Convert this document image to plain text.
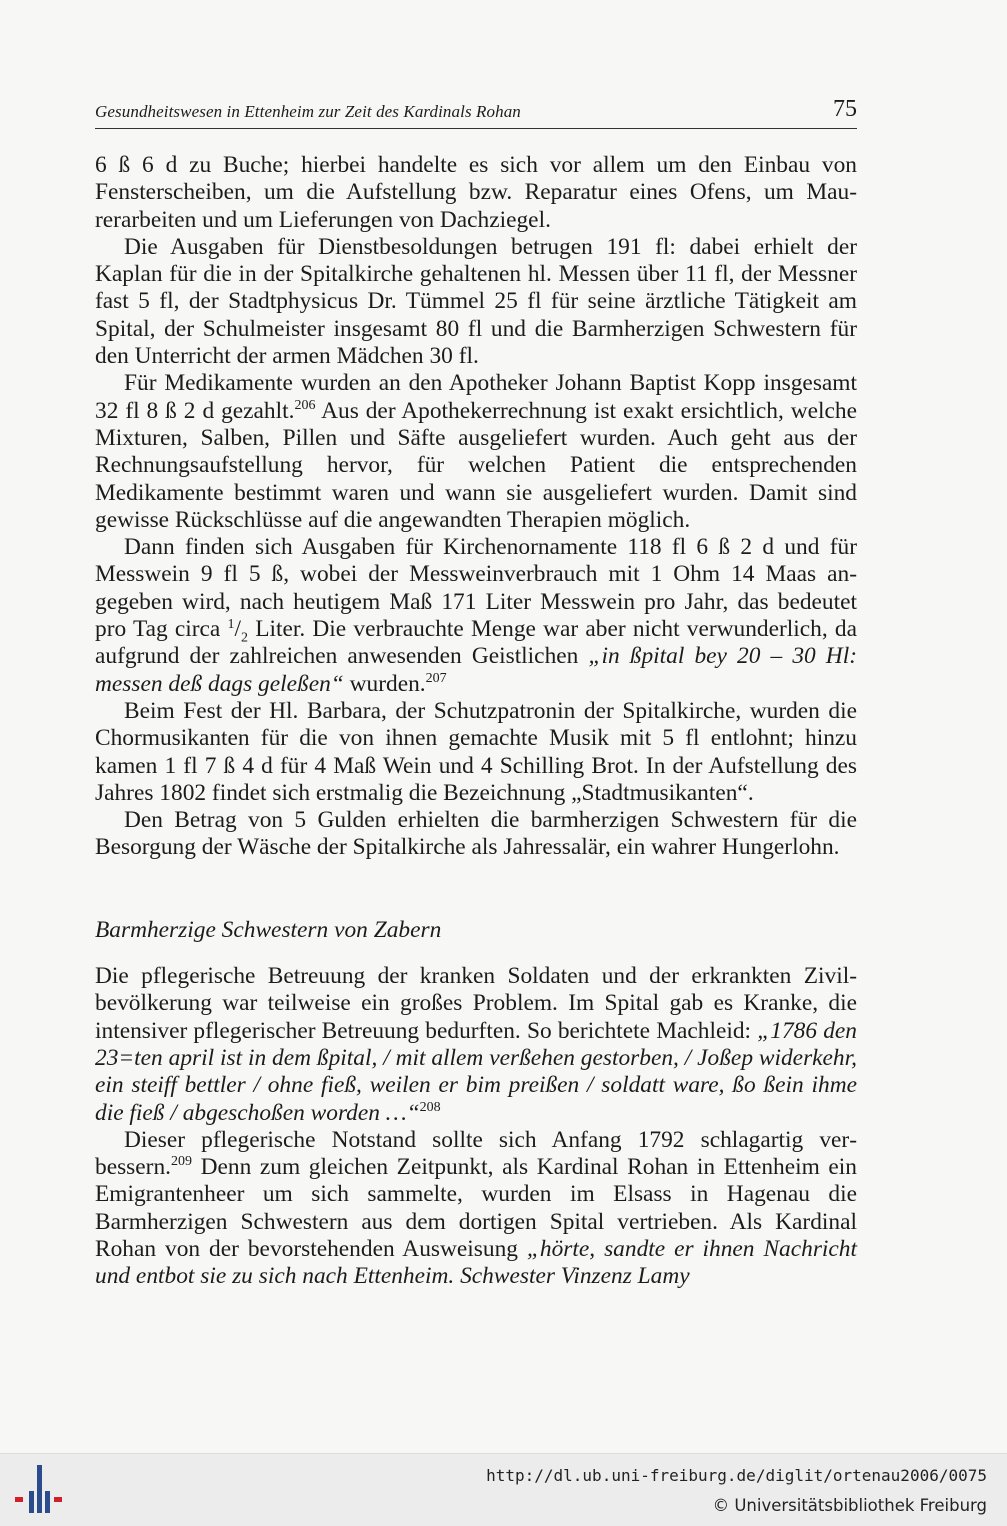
Gesundheitswesen in Ettenheim zur Zeit des Kardinals Rohan	75

6 ß 6 d zu Buche; hierbei handelte es sich vor allem um den Einbau von Fensterscheiben, um die Aufstellung bzw. Reparatur eines Ofens, um Maurerarbeiten und um Lieferungen von Dachziegel.

Die Ausgaben für Dienstbesoldungen betrugen 191 fl: dabei erhielt der Kaplan für die in der Spitalkirche gehaltenen hl. Messen über 11 fl, der Messner fast 5 fl, der Stadtphysicus Dr. Tümmel 25 fl für seine ärztliche Tätigkeit am Spital, der Schulmeister insgesamt 80 fl und die Barmherzigen Schwestern für den Unterricht der armen Mädchen 30 fl.

Für Medikamente wurden an den Apotheker Johann Baptist Kopp insgesamt 32 fl 8 ß 2 d gezahlt.$^{206}$ Aus der Apothekerrechnung ist exakt ersichtlich, welche Mixturen, Salben, Pillen und Säfte ausgeliefert wurden. Auch geht aus der Rechnungsaufstellung hervor, für welchen Patient die entsprechenden Medikamente bestimmt waren und wann sie ausgeliefert wurden. Damit sind gewisse Rückschlüsse auf die angewandten Therapien möglich.

Dann finden sich Ausgaben für Kirchenornamente 118 fl 6 ß 2 d und für Messwein 9 fl 5 ß, wobei der Messweinverbrauch mit 1 Ohm 14 Maas angegeben wird, nach heutigem Maß 171 Liter Messwein pro Jahr, das bedeutet pro Tag circa $^1/_2$ Liter. Die verbrauchte Menge war aber nicht verwunderlich, da aufgrund der zahlreichen anwesenden Geistlichen „in ßpital bey 20 – 30 Hl: messen deß dags geleßen“ wurden.$^{207}$

Beim Fest der Hl. Barbara, der Schutzpatronin der Spitalkirche, wurden die Chormusikanten für die von ihnen gemachte Musik mit 5 fl entlohnt; hinzu kamen 1 fl 7 ß 4 d für 4 Maß Wein und 4 Schilling Brot. In der Aufstellung des Jahres 1802 findet sich erstmalig die Bezeichnung „Stadtmusikanten“.

Den Betrag von 5 Gulden erhielten die barmherzigen Schwestern für die Besorgung der Wäsche der Spitalkirche als Jahressalär, ein wahrer Hungerlohn.

Barmherzige Schwestern von Zabern

Die pflegerische Betreuung der kranken Soldaten und der erkrankten Zivilbevölkerung war teilweise ein großes Problem. Im Spital gab es Kranke, die intensiver pflegerischer Betreuung bedurften. So berichtete Machleid: „1786 den 23=ten april ist in dem ßpital, / mit allem verßehen gestorben, / Joßep widerkehr, ein steiff bettler / ohne fieß, weilen er bim preißen / soldatt ware, ßo ßein ihme die fieß / abgeschoßen worden …“$^{208}$

Dieser pflegerische Notstand sollte sich Anfang 1792 schlagartig verbessern.$^{209}$ Denn zum gleichen Zeitpunkt, als Kardinal Rohan in Ettenheim ein Emigrantenheer um sich sammelte, wurden im Elsass in Hagenau die Barmherzigen Schwestern aus dem dortigen Spital vertrieben. Als Kardinal Rohan von der bevorstehenden Ausweisung „hörte, sandte er ihnen Nachricht und entbot sie zu sich nach Ettenheim. Schwester Vinzenz Lamy

http://dl.ub.uni-freiburg.de/diglit/ortenau2006/0075
© Universitätsbibliothek Freiburg
